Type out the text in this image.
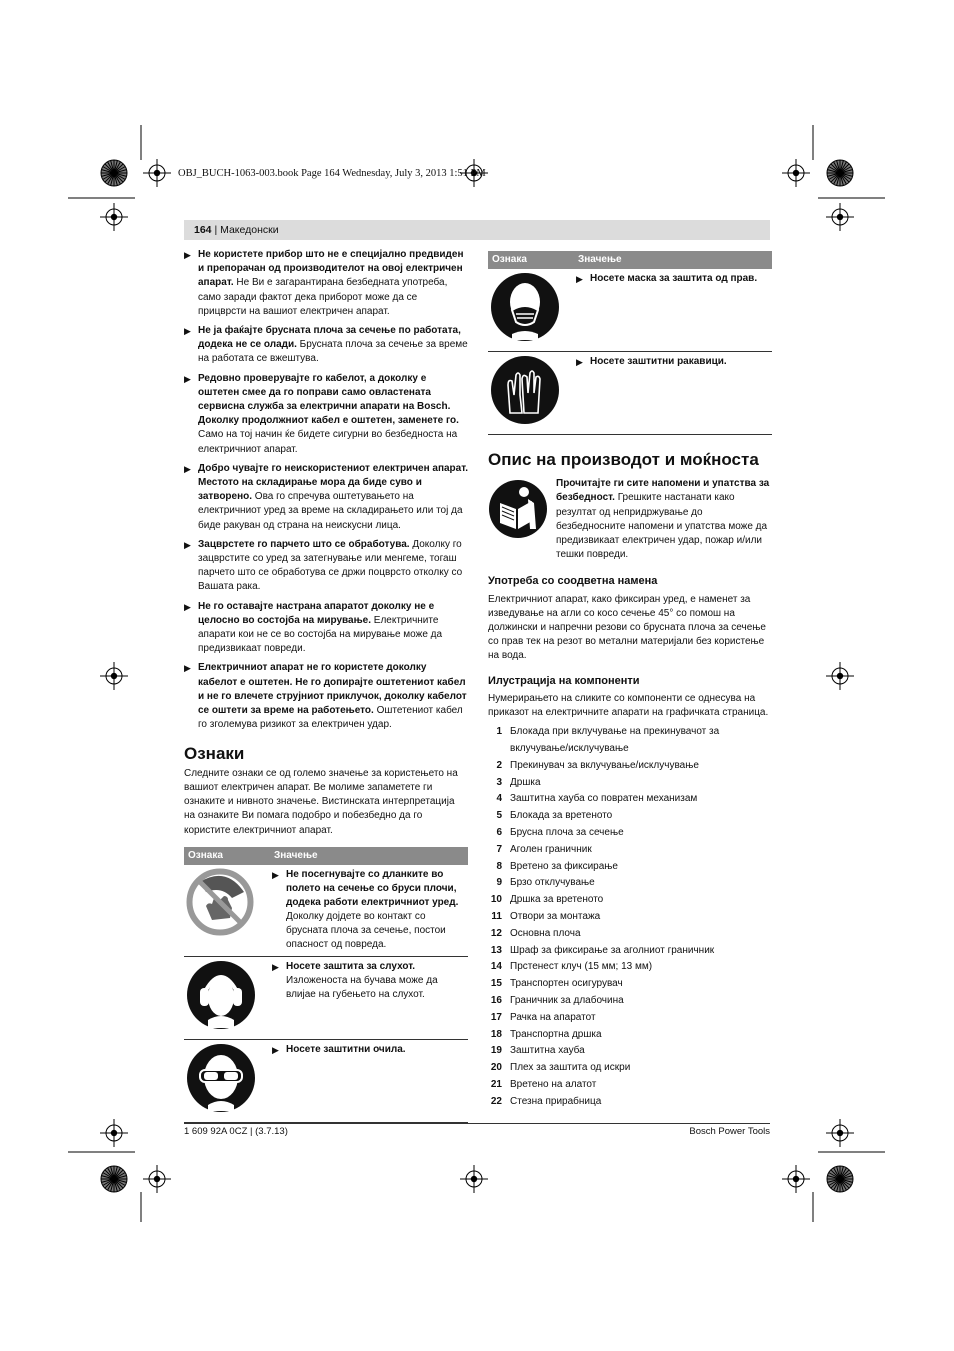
OBJ_BUCH-1063-003.book Page 164 Wednesday, July 3, 2013 1:51 PM
164 | Македонски
▶ Не користете прибор што не е специјално предвиден и препорачан од производителот на овој електричен апарат. Не Ви е загарантирана безбедната употреба, само заради фактот дека приборот може да се прицврсти на вашиот електричен апарат.
▶ Не ја фаќајте брусната плоча за сечење по работата, додека не се олади. Брусната плоча за сечење за време на работата се вжештува.
▶ Редовно проверувајте го кабелот, а доколку е оштетен смее да го поправи само овластената сервисна служба за електрични апарати на Bosch. Доколку продолжниот кабел е оштетен, заменете го. Само на тој начин ќе бидете сигурни во безбедноста на електричниот апарат.
▶ Добро чувајте го неискористениот електричен апарат. Местото на складирање мора да биде суво и затворено. Ова го спречува оштетувањето на електричниот уред за време на складирањето или тој да биде ракуван од страна на неискусни лица.
▶ Зацврстете го парчето што се обработува. Доколку го зацврстите со уред за затегнување или менгеме, тогаш парчето што се обработува се држи поцврсто отколку со Вашата рака.
▶ Не го оставајте настрана апаратот доколку не е целосно во состојба на мирување. Електричните апарати кои не се во состојба на мирување може да предизвикаат повреди.
▶ Електричниот апарат не го користете доколку кабелот е оштетен. Не го допирајте оштетениот кабел и не го влечете струјниот приклучок, доколку кабелот се оштети за време на работењето. Оштетениот кабел го зголемува ризикот за електричен удар.
Ознаки
Следните ознаки се од големо значење за користењето на вашиот електричен апарат. Ве молиме запаметете ги ознаките и нивното значење. Вистинската интерпретација на ознаките Ви помага подобро и побезбедно да го користите електричниот апарат.
Ознака	Значење

▶ Не посегнувајте со дланките во полето на сечење со бруси плочи, додека работи електричниот уред. Доколку дојдете во контакт со брусната плоча за сечење, постои опасност од повреда.

▶ Носете заштита за слухот.
Изложеноста на бучава може да влијае на губењето на слухот.

▶ Носете заштитни очила.
Ознака	Значење

▶ Носете маска за заштита од прав.

▶ Носете заштитни ракавици.
Опис на производот и моќноста
Прочитајте ги сите напомени и упатства за безбедност. Грешките настанати како резултат од непридржување до безбедносните напомени и упатства може да предизвикаат електричен удар, пожар и/или тешки повреди.
Употреба со соодветна намена
Електричниот апарат, како фиксиран уред, е наменет за изведување на агли со косо сечење 45° со помош на должински и напречни резови со брусната плоча за сечење со прав тек на резот во метални материјали без користење на вода.
Илустрација на компоненти
Нумерирањето на сликите со компоненти се однесува на приказот на електричните апарати на графичката страница.
1 Блокада при вклучување на прекинувачот за вклучување/исклучување
2 Прекинувач за вклучување/исклучување
3 Дршка
4 Заштитна хауба со повратен механизам
5 Блокада за вретеното
6 Брусна плоча за сечење
7 Аголен граничник
8 Вретено за фиксирање
9 Брзо отклучување
10 Дршка за вретеното
11 Отвори за монтажа
12 Основна плоча
13 Шраф за фиксирање за аголниот граничник
14 Прстенест клуч (15 мм; 13 мм)
15 Транспортен осигурувач
16 Граничник за длабочина
17 Рачка на апаратот
18 Транспортна дршка
19 Заштитна хауба
20 Плех за заштита од искри
21 Вретено на алатот
22 Стезна прирабница
1 609 92A 0CZ | (3.7.13)	Bosch Power Tools
